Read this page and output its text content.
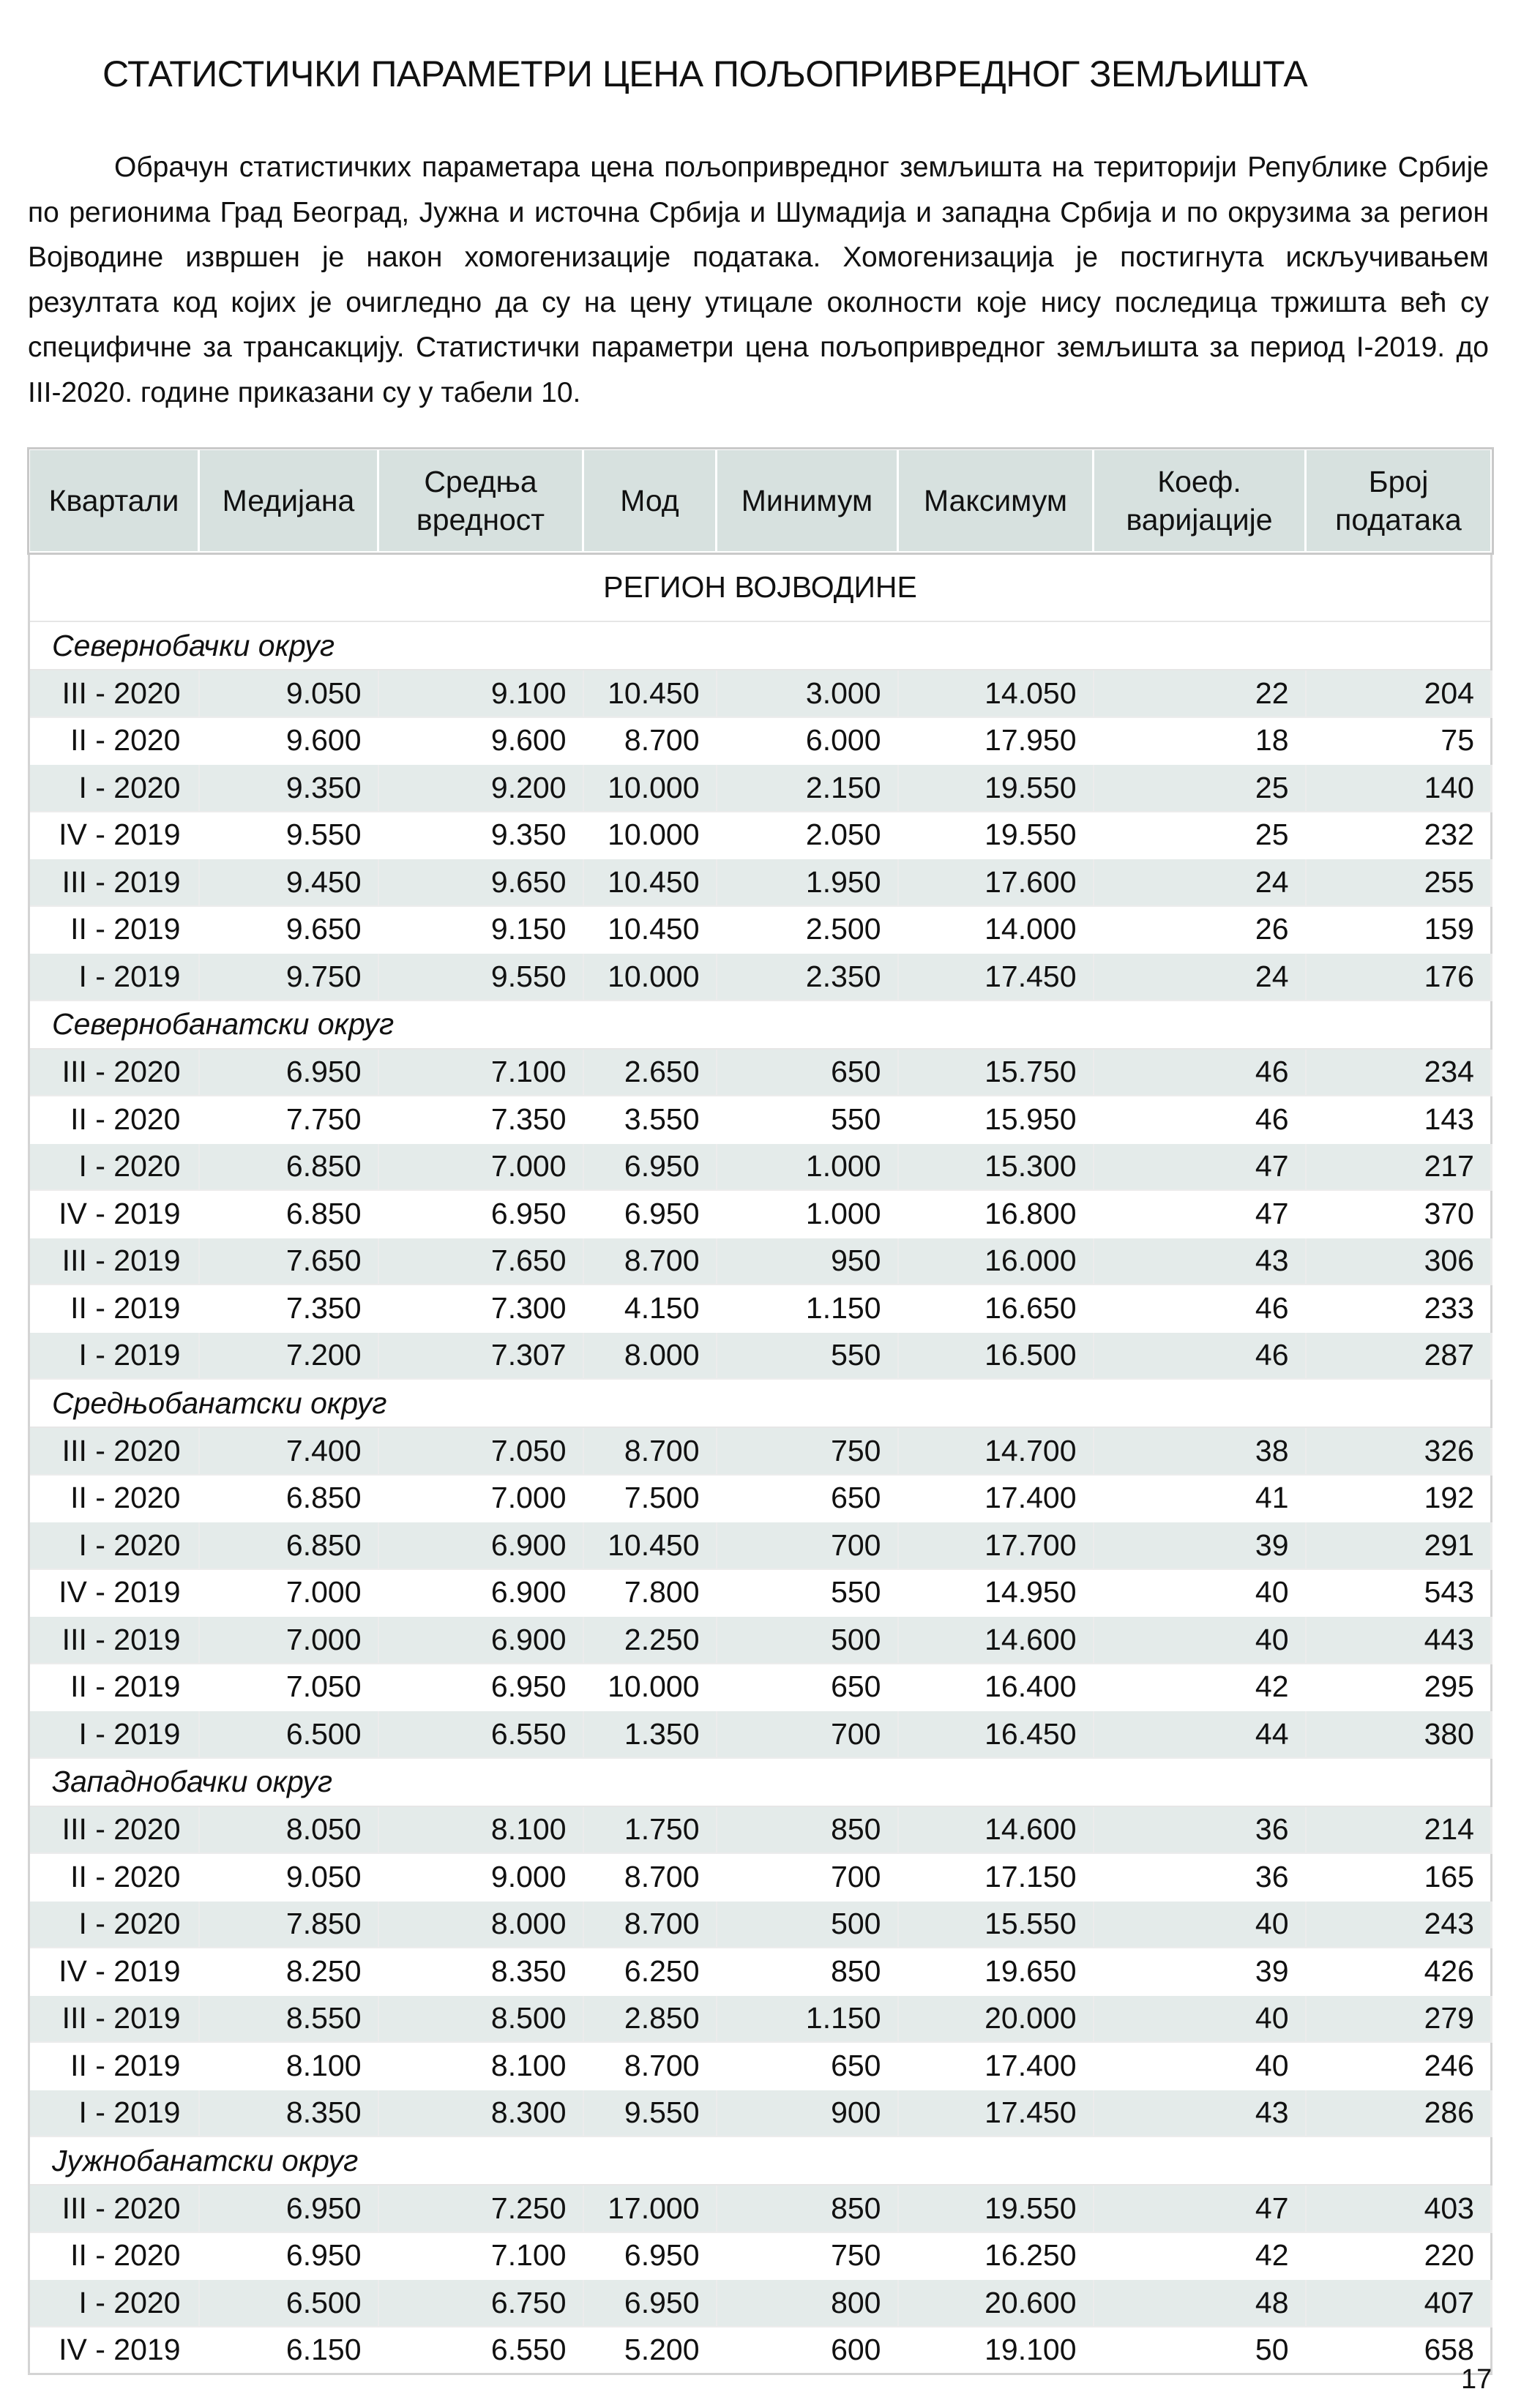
СТАТИСТИЧКИ ПАРАМЕТРИ ЦЕНА ПОЉОПРИВРЕДНОГ ЗЕМЉИШТА

Обрачун статистичких параметара цена пољопривредног земљишта на територији Републике Србије по регионима Град Београд, Јужна и источна Србија и Шумадија и западна Србија и по окрузима за регион Војводине извршен је након хомогенизације података. Хомогенизација је постигнута искључивањем резултата код којих је очигледно да су на цену утицале околности које нису последица тржишта већ су специфичне за трансакцију. Статистички параметри цена пољопривредног земљишта за период I-2019. до III-2020. године приказани су у табели 10.

Квартали	Медијана	Средња вредност	Мод	Минимум	Максимум	Коеф. варијације	Број података
РЕГИОН ВОЈВОДИНЕ							
Севернобачки округ							
III - 2020	9.050	9.100	10.450	3.000	14.050	22	204
II - 2020	9.600	9.600	8.700	6.000	17.950	18	75
I - 2020	9.350	9.200	10.000	2.150	19.550	25	140
IV - 2019	9.550	9.350	10.000	2.050	19.550	25	232
III - 2019	9.450	9.650	10.450	1.950	17.600	24	255
II - 2019	9.650	9.150	10.450	2.500	14.000	26	159
I - 2019	9.750	9.550	10.000	2.350	17.450	24	176
Севернобанатски округ							
III - 2020	6.950	7.100	2.650	650	15.750	46	234
II - 2020	7.750	7.350	3.550	550	15.950	46	143
I - 2020	6.850	7.000	6.950	1.000	15.300	47	217
IV - 2019	6.850	6.950	6.950	1.000	16.800	47	370
III - 2019	7.650	7.650	8.700	950	16.000	43	306
II - 2019	7.350	7.300	4.150	1.150	16.650	46	233
I - 2019	7.200	7.307	8.000	550	16.500	46	287
Средњобанатски округ							
III - 2020	7.400	7.050	8.700	750	14.700	38	326
II - 2020	6.850	7.000	7.500	650	17.400	41	192
I - 2020	6.850	6.900	10.450	700	17.700	39	291
IV - 2019	7.000	6.900	7.800	550	14.950	40	543
III - 2019	7.000	6.900	2.250	500	14.600	40	443
II - 2019	7.050	6.950	10.000	650	16.400	42	295
I - 2019	6.500	6.550	1.350	700	16.450	44	380
Западнобачки округ							
III - 2020	8.050	8.100	1.750	850	14.600	36	214
II - 2020	9.050	9.000	8.700	700	17.150	36	165
I - 2020	7.850	8.000	8.700	500	15.550	40	243
IV - 2019	8.250	8.350	6.250	850	19.650	39	426
III - 2019	8.550	8.500	2.850	1.150	20.000	40	279
II - 2019	8.100	8.100	8.700	650	17.400	40	246
I - 2019	8.350	8.300	9.550	900	17.450	43	286
Јужнобанатски округ							
III - 2020	6.950	7.250	17.000	850	19.550	47	403
II - 2020	6.950	7.100	6.950	750	16.250	42	220
I - 2020	6.500	6.750	6.950	800	20.600	48	407
IV - 2019	6.150	6.550	5.200	600	19.100	50	658
17
